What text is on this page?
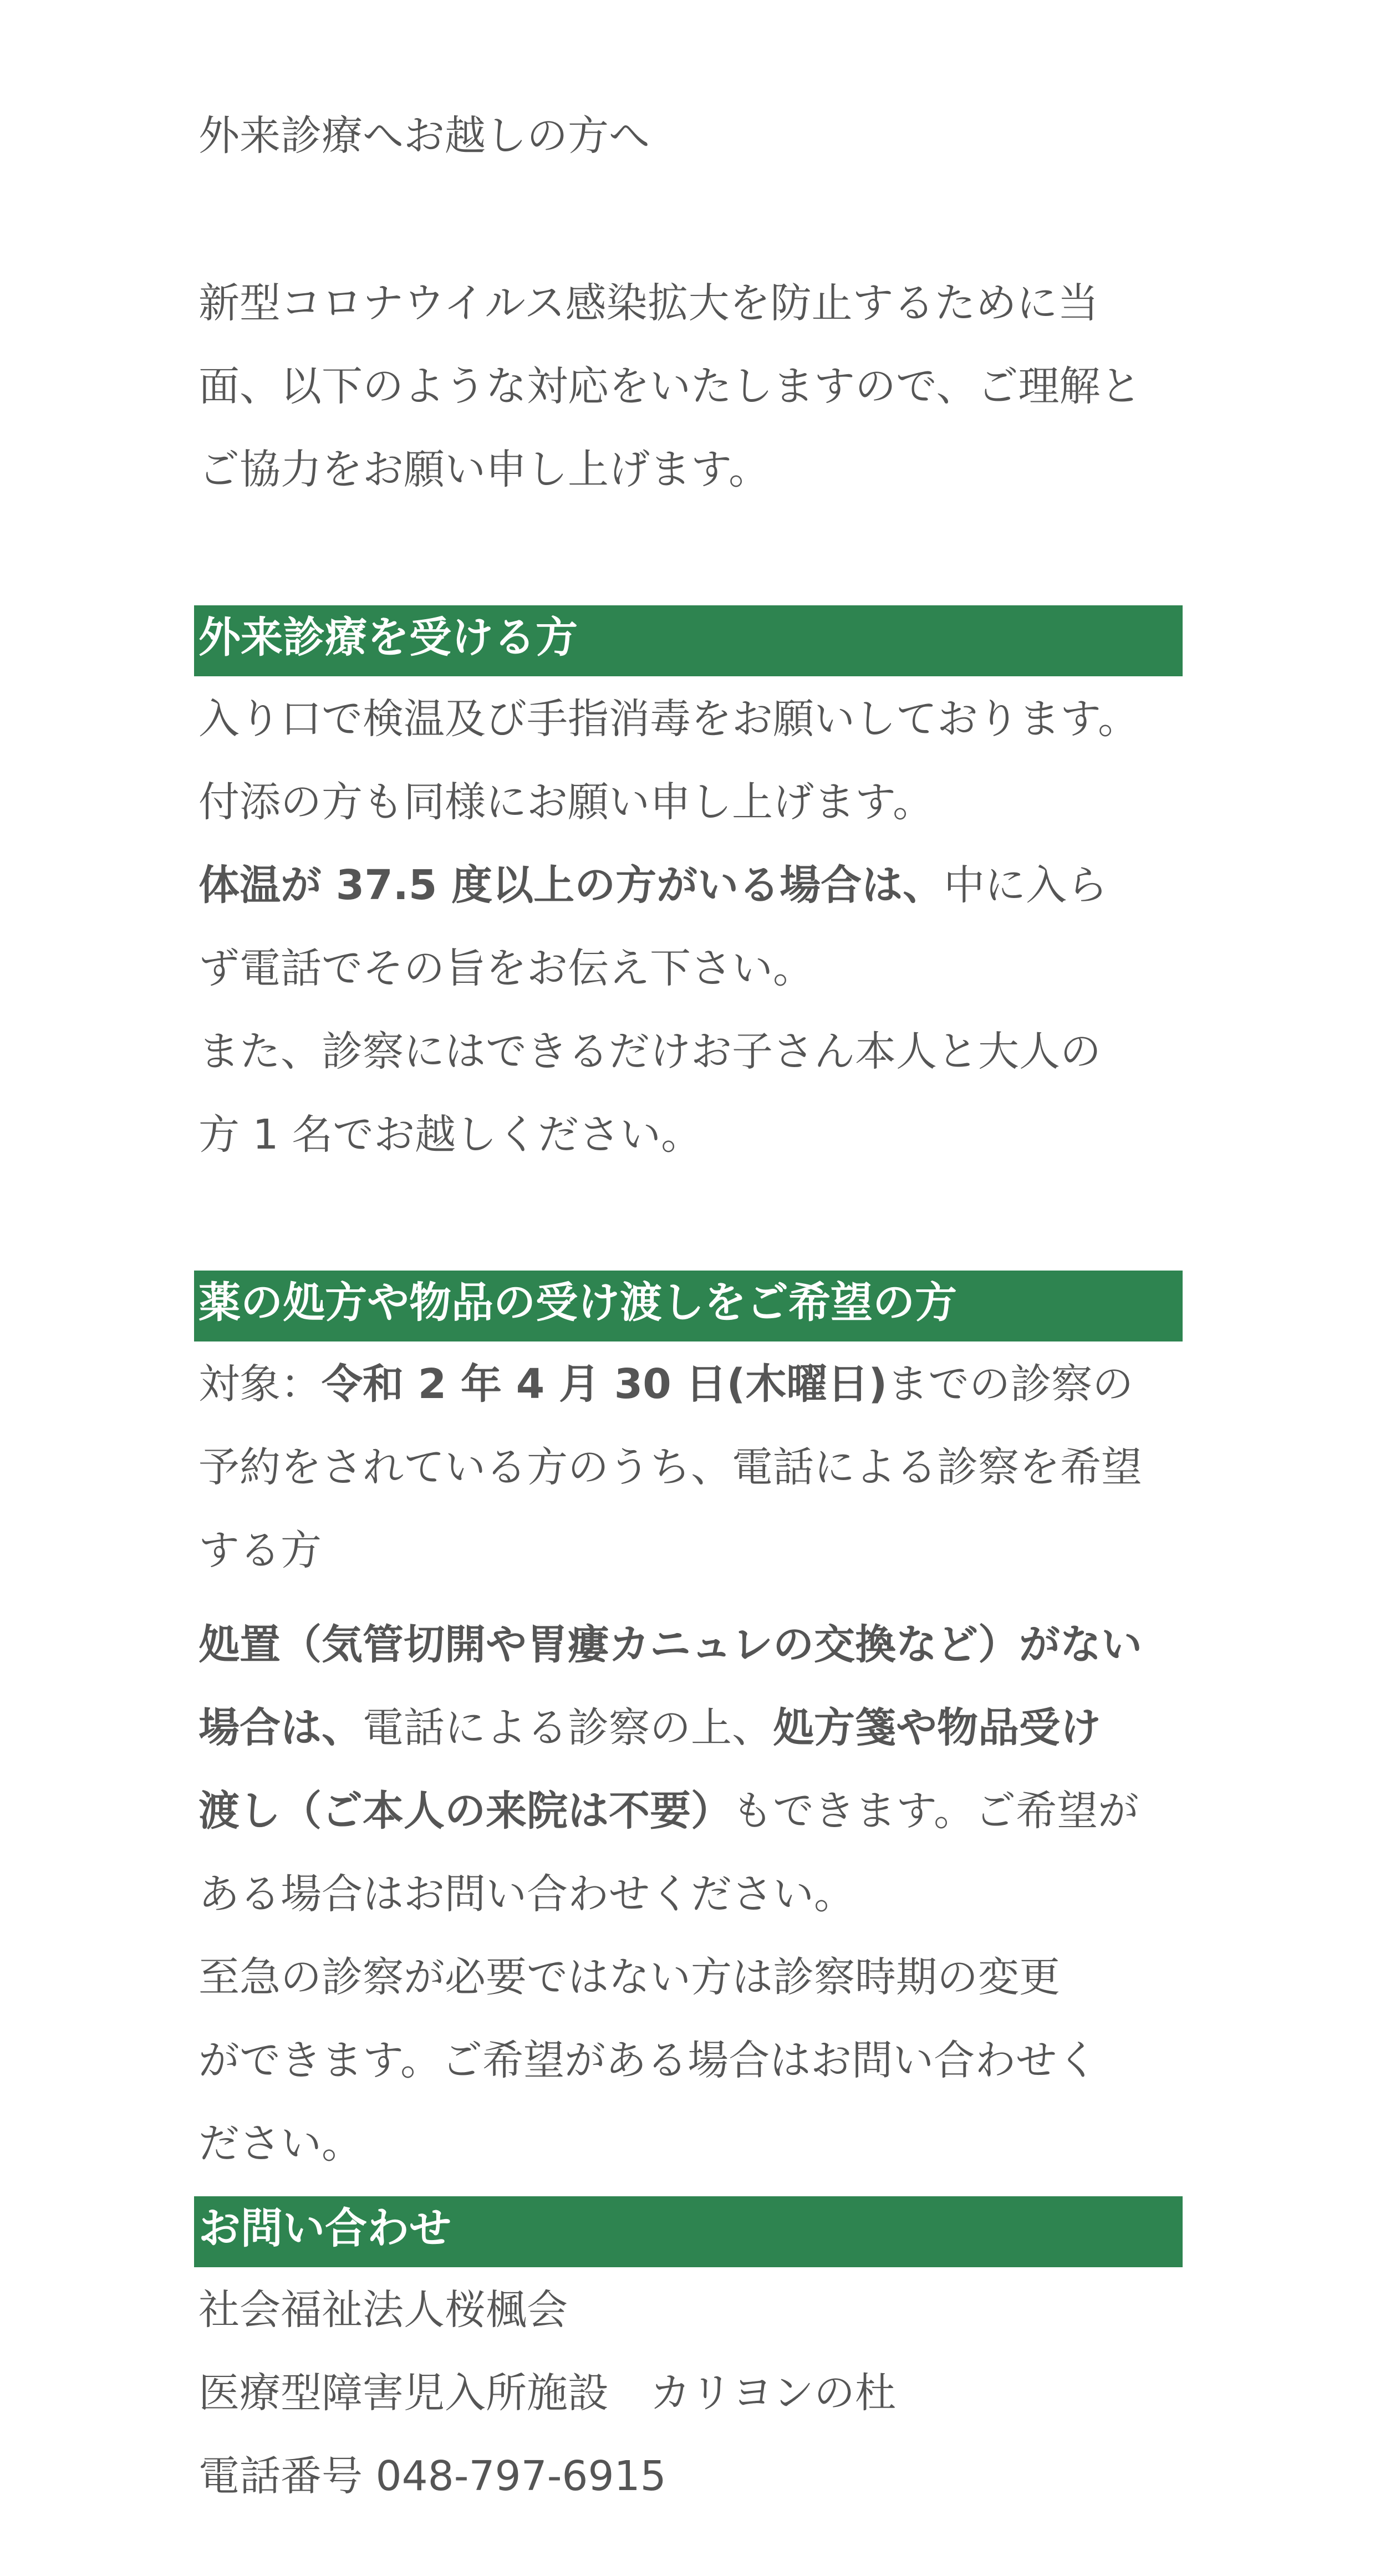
外来診療へお越しの方へ
新型コロナウイルス感染拡大を防止するために当
面、以下のような対応をいたしますので、ご理解と
ご協力をお願い申し上げます。
外来診療を受ける方
入り口で検温及び手指消毒をお願いしております。
付添の方も同様にお願い申し上げます。
体温が 37.5 度以上の方がいる場合は、中に入ら
ず電話でその旨をお伝え下さい。
また、診察にはできるだけお子さん本人と大人の
方 1 名でお越しください。
薬の処方や物品の受け渡しをご希望の方
対象：令和 2 年 4 月 30 日(木曜日)までの診察の
予約をされている方のうち、電話による診察を希望
する方
処置（気管切開や胃瘻カニュレの交換など）がない
場合は、電話による診察の上、処方箋や物品受け
渡し（ご本人の来院は不要）もできます。ご希望が
ある場合はお問い合わせください。
至急の診察が必要ではない方は診察時期の変更
ができます。ご希望がある場合はお問い合わせく
ださい。
お問い合わせ
社会福祉法人桜楓会
医療型障害児入所施設　カリヨンの杜
電話番号 048-797-6915
